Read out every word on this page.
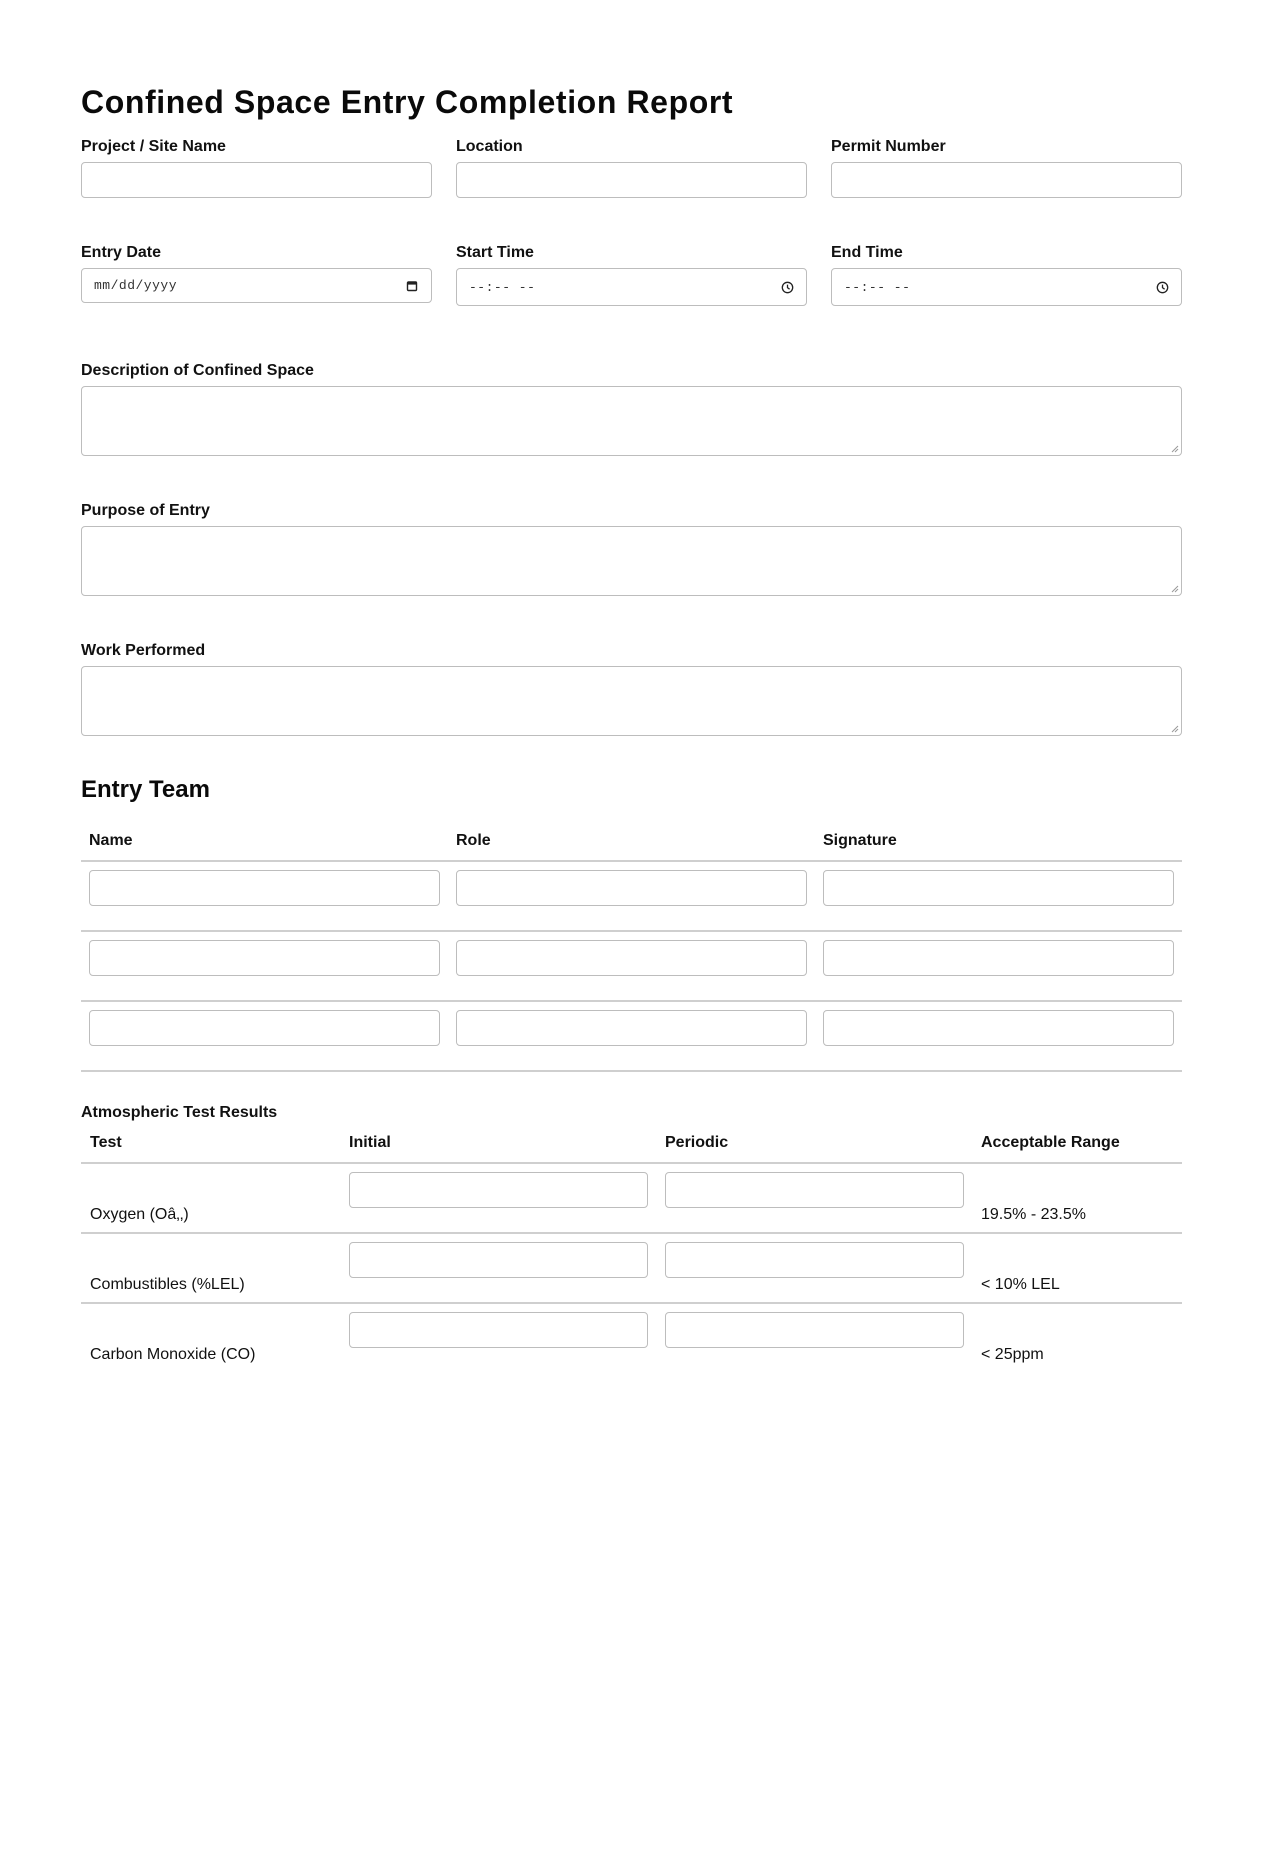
Confined Space Entry Completion Report
Project / Site Name	Location	Permit Number
Entry Date
mm/dd/yyyy
Start Time
--:-- --
End Time
--:-- --
Description of Confined Space
Purpose of Entry
Work Performed
Entry Team
Name	Role	Signature

Atmospheric Test Results
Test	Initial	Periodic	Acceptable Range
Oxygen (Oâ‚‚)			19.5% - 23.5%
Combustibles (%LEL)			< 10% LEL
Carbon Monoxide (CO)			< 25ppm
